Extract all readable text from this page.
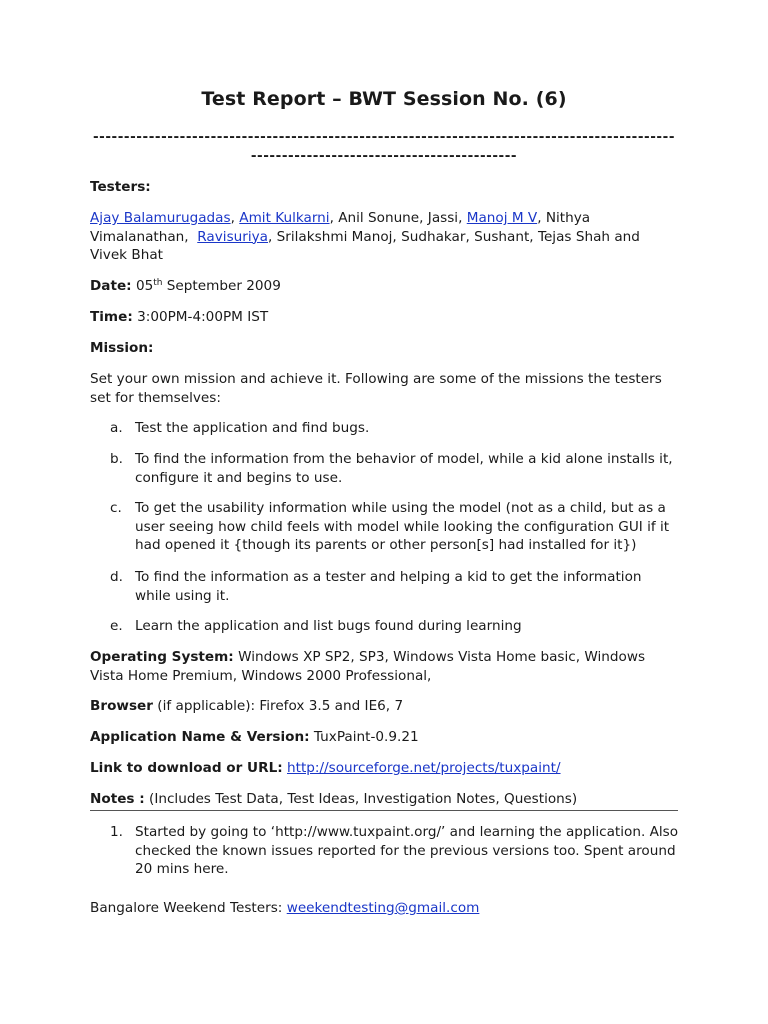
Test Report – BWT Session No. (6)
-----------------------------------------------------------------------------------------------------------------------------------------
Testers:
Ajay Balamurugadas, Amit Kulkarni, Anil Sonune, Jassi, Manoj M V, Nithya Vimalanathan,  Ravisuriya, Srilakshmi Manoj, Sudhakar, Sushant, Tejas Shah and Vivek Bhat
Date: 05th September 2009
Time: 3:00PM-4:00PM IST
Mission:
Set your own mission and achieve it. Following are some of the missions the testers set for themselves:
a. Test the application and find bugs.
b. To find the information from the behavior of model, while a kid alone installs it, configure it and begins to use.
c. To get the usability information while using the model (not as a child, but as a user seeing how child feels with model while looking the configuration GUI if it had opened it {though its parents or other person[s] had installed for it})
d. To find the information as a tester and helping a kid to get the information while using it.
e. Learn the application and list bugs found during learning
Operating System: Windows XP SP2, SP3, Windows Vista Home basic, Windows Vista Home Premium, Windows 2000 Professional,
Browser (if applicable): Firefox 3.5 and IE6, 7
Application Name & Version: TuxPaint-0.9.21
Link to download or URL: http://sourceforge.net/projects/tuxpaint/
Notes : (Includes Test Data, Test Ideas, Investigation Notes, Questions)
1. Started by going to ‘http://www.tuxpaint.org/’ and learning the application. Also checked the known issues reported for the previous versions too. Spent around 20 mins here.
Bangalore Weekend Testers: weekendtesting@gmail.com
